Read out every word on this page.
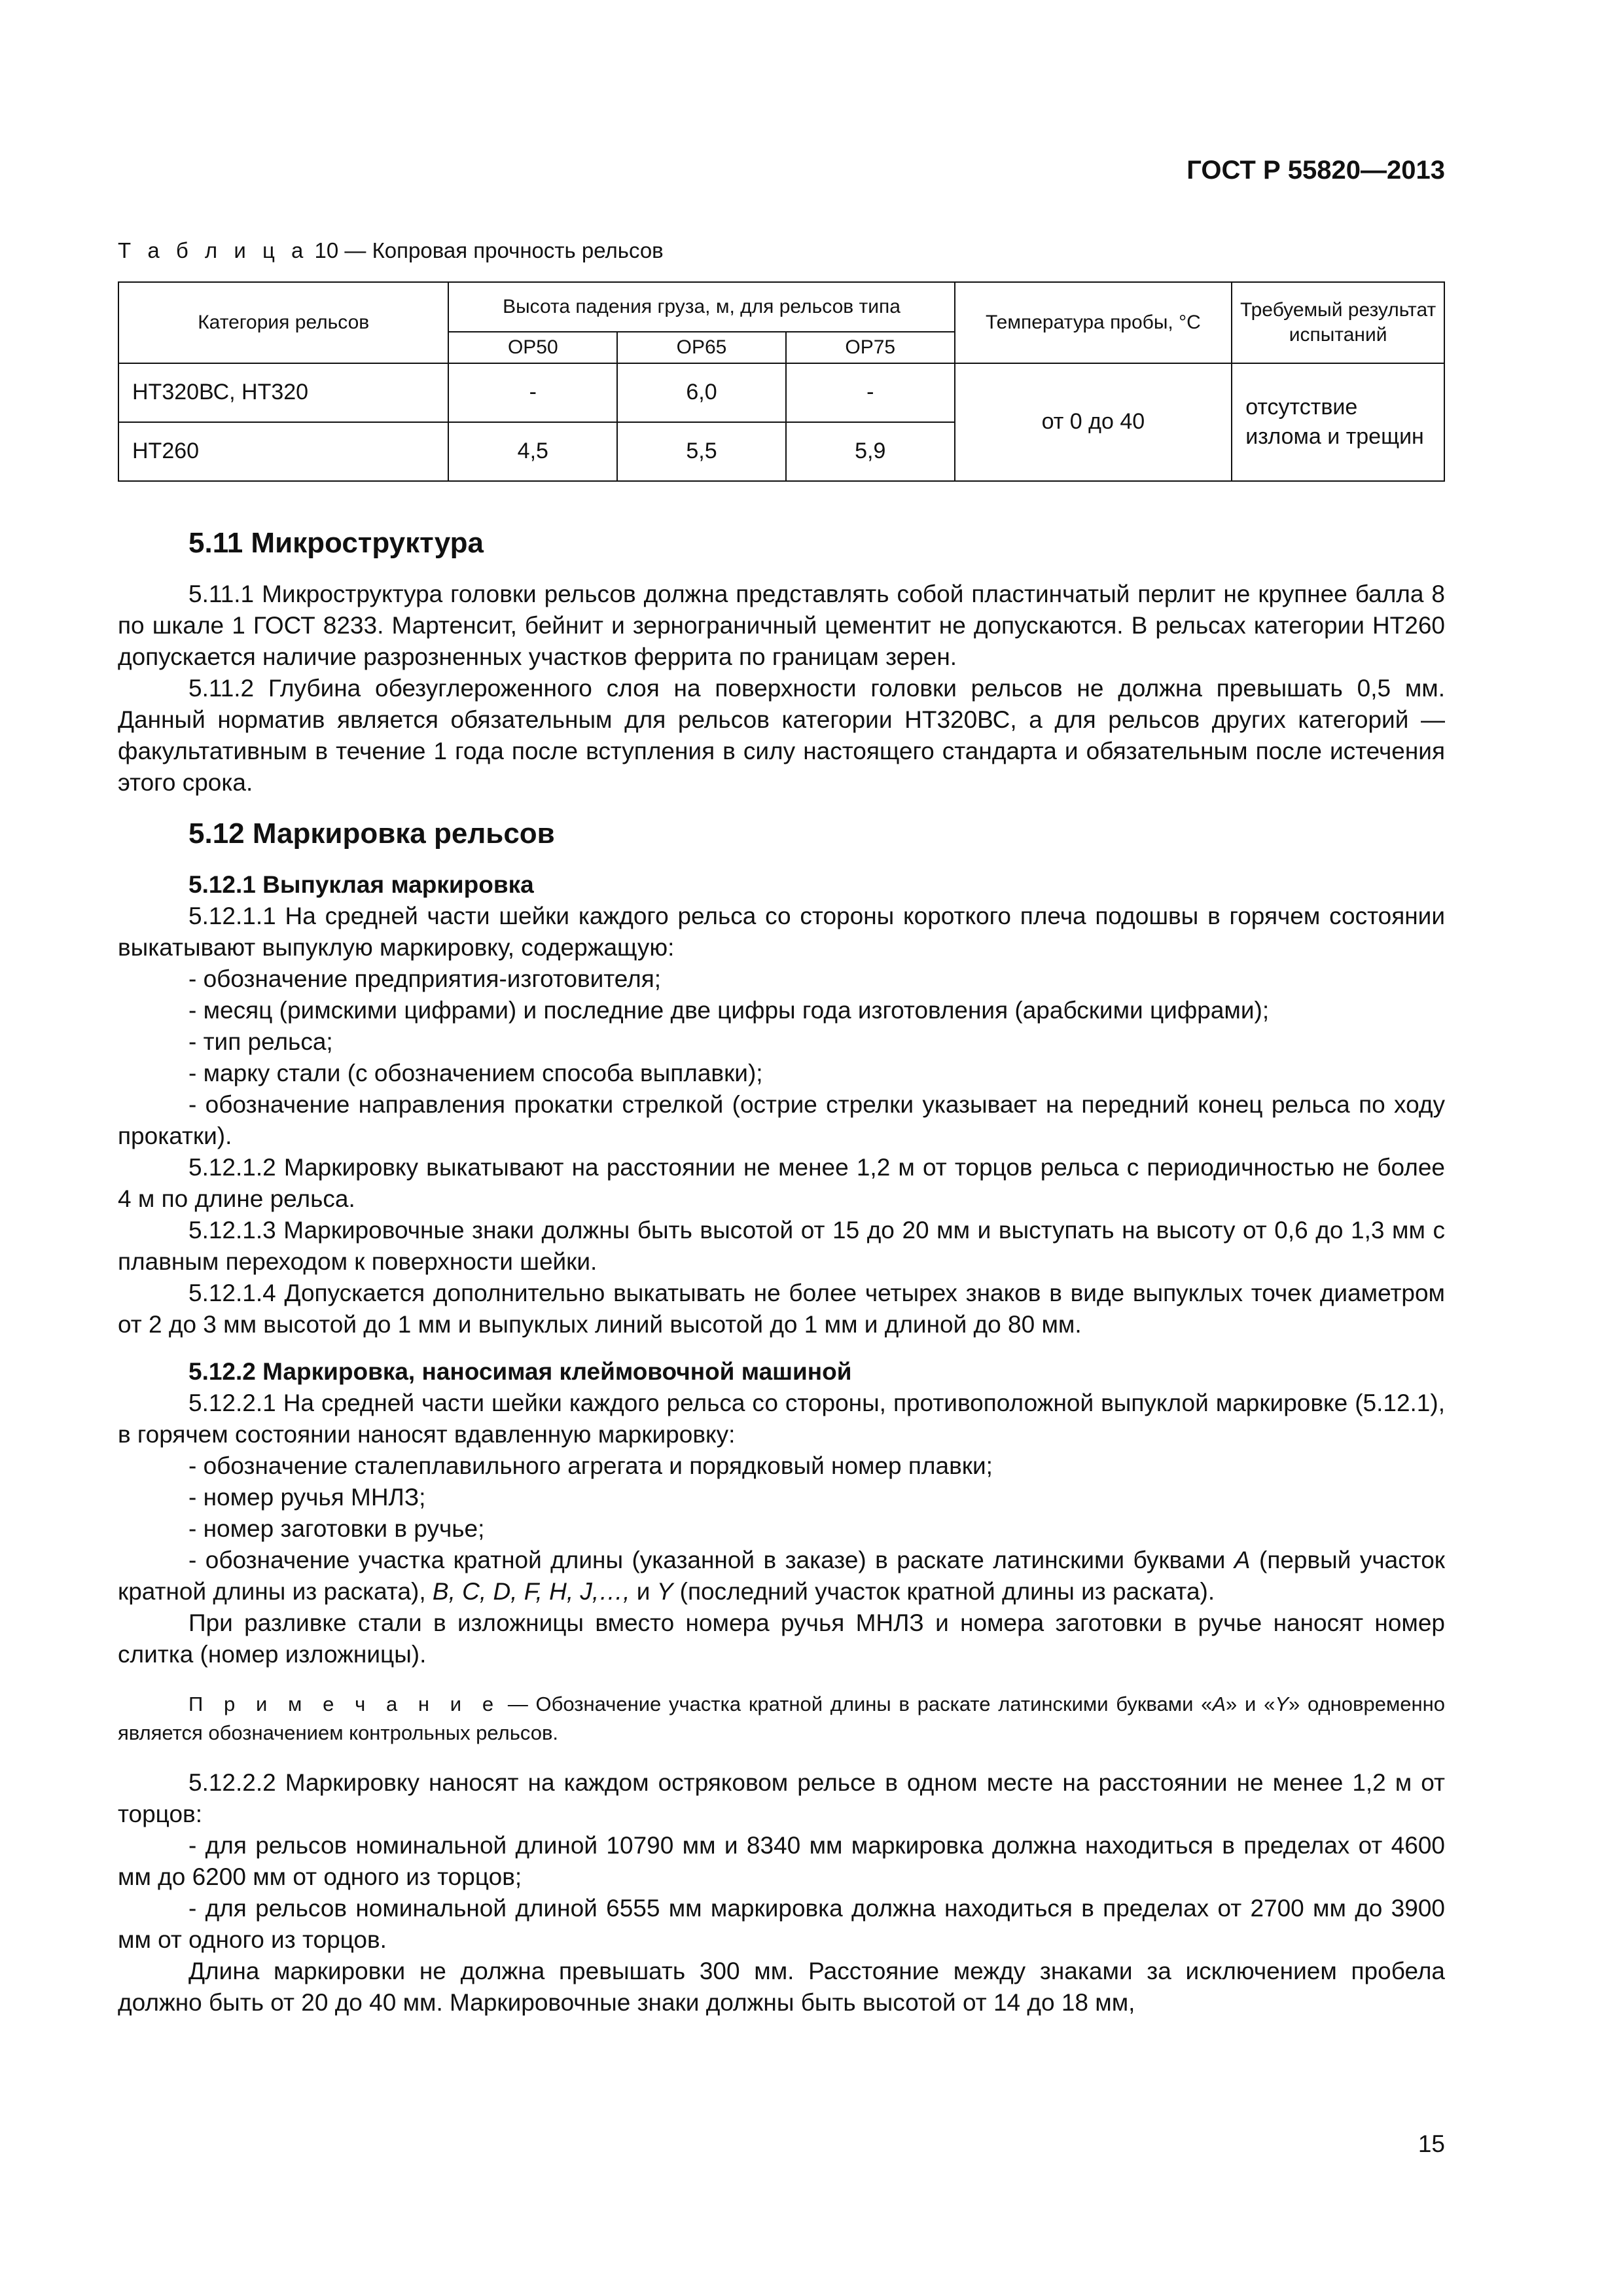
ГОСТ Р 55820—2013
Т а б л и ц а 10 — Копровая прочность рельсов
Категория рельсов	Высота падения груза, м, для рельсов типа			Температура пробы, °С	Требуемый результат испытаний
	ОР50	ОР65	ОР75		
НТ320ВС, НТ320	-	6,0	-	от 0 до 40	отсутствие излома и трещин
НТ260	4,5	5,5	5,9		
5.11 Микроструктура

5.11.1 Микроструктура головки рельсов должна представлять собой пластинчатый перлит не крупнее балла 8 по шкале 1 ГОСТ 8233. Мартенсит, бейнит и зернограничный цементит не допускаются. В рельсах категории НТ260 допускается наличие разрозненных участков феррита по границам зерен.

5.11.2 Глубина обезуглероженного слоя на поверхности головки рельсов не должна превышать 0,5 мм. Данный норматив является обязательным для рельсов категории НТ320ВС, а для рельсов других категорий — факультативным в течение 1 года после вступления в силу настоящего стандарта и обязательным после истечения этого срока.

5.12 Маркировка рельсов
5.12.1 Выпуклая маркировка

5.12.1.1 На средней части шейки каждого рельса со стороны короткого плеча подошвы в горячем состоянии выкатывают выпуклую маркировку, содержащую:

- обозначение предприятия-изготовителя;
- месяц (римскими цифрами) и последние две цифры года изготовления (арабскими цифрами);
- тип рельса;
- марку стали (с обозначением способа выплавки);
- обозначение направления прокатки стрелкой (острие стрелки указывает на передний конец рельса по ходу прокатки).

5.12.1.2 Маркировку выкатывают на расстоянии не менее 1,2 м от торцов рельса с периодичностью не более 4 м по длине рельса.

5.12.1.3 Маркировочные знаки должны быть высотой от 15 до 20 мм и выступать на высоту от 0,6 до 1,3 мм с плавным переходом к поверхности шейки.

5.12.1.4 Допускается дополнительно выкатывать не более четырех знаков в виде выпуклых точек диаметром от 2 до 3 мм высотой до 1 мм и выпуклых линий высотой до 1 мм и длиной до 80 мм.

5.12.2 Маркировка, наносимая клеймовочной машиной

5.12.2.1 На средней части шейки каждого рельса со стороны, противоположной выпуклой маркировке (5.12.1), в горячем состоянии наносят вдавленную маркировку:

- обозначение сталеплавильного агрегата и порядковый номер плавки;
- номер ручья МНЛЗ;
- номер заготовки в ручье;
- обозначение участка кратной длины (указанной в заказе) в раскате латинскими буквами А (первый участок кратной длины из раската), B, C, D, F, H, J,…, и Y (последний участок кратной длины из раската).

При разливке стали в изложницы вместо номера ручья МНЛЗ и номера заготовки в ручье наносят номер слитка (номер изложницы).

П р и м е ч а н и е — Обозначение участка кратной длины в раскате латинскими буквами «А» и «Y» одновременно является обозначением контрольных рельсов.

5.12.2.2 Маркировку наносят на каждом остряковом рельсе в одном месте на расстоянии не менее 1,2 м от торцов:

- для рельсов номинальной длиной 10790 мм и 8340 мм маркировка должна находиться в пределах от 4600 мм до 6200 мм от одного из торцов;
- для рельсов номинальной длиной 6555 мм маркировка должна находиться в пределах от 2700 мм до 3900 мм от одного из торцов.

Длина маркировки не должна превышать 300 мм. Расстояние между знаками за исключением пробела должно быть от 20 до 40 мм. Маркировочные знаки должны быть высотой от 14 до 18 мм,

15
